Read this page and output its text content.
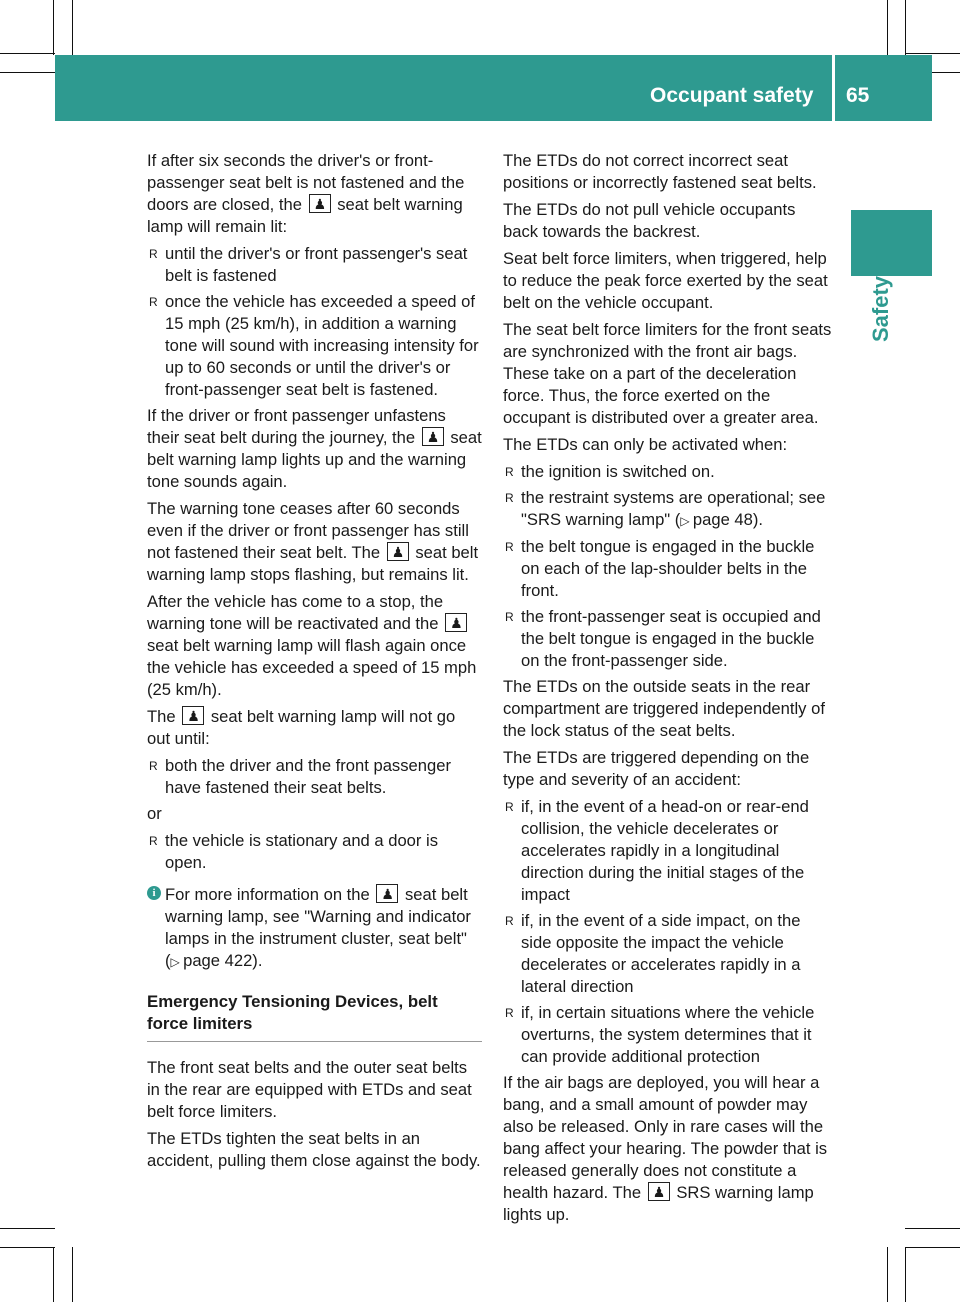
Occupant safety 65
Safety

If after six seconds the driver's or front-passenger seat belt is not fastened and the doors are closed, the ♟ seat belt warning lamp will remain lit:

R until the driver's or front passenger's seat belt is fastened
R once the vehicle has exceeded a speed of 15 mph (25 km/h), in addition a warning tone will sound with increasing intensity for up to 60 seconds or until the driver's or front-passenger seat belt is fastened.

If the driver or front passenger unfastens their seat belt during the journey, the ♟ seat belt warning lamp lights up and the warning tone sounds again.

The warning tone ceases after 60 seconds even if the driver or front passenger has still not fastened their seat belt. The ♟ seat belt warning lamp stops flashing, but remains lit.

After the vehicle has come to a stop, the warning tone will be reactivated and the ♟ seat belt warning lamp will flash again once the vehicle has exceeded a speed of 15 mph (25 km/h).

The ♟ seat belt warning lamp will not go out until:

R both the driver and the front passenger have fastened their seat belts.

or

R the vehicle is stationary and a door is open.
i For more information on the ♟ seat belt warning lamp, see "Warning and indicator lamps in the instrument cluster, seat belt" (▷ page 422).
Emergency Tensioning Devices, belt force limiters

The front seat belts and the outer seat belts in the rear are equipped with ETDs and seat belt force limiters.

The ETDs tighten the seat belts in an accident, pulling them close against the body.

The ETDs do not correct incorrect seat positions or incorrectly fastened seat belts.

The ETDs do not pull vehicle occupants back towards the backrest.

Seat belt force limiters, when triggered, help to reduce the peak force exerted by the seat belt on the vehicle occupant.

The seat belt force limiters for the front seats are synchronized with the front air bags. These take on a part of the deceleration force. Thus, the force exerted on the occupant is distributed over a greater area.

The ETDs can only be activated when:

R the ignition is switched on.
R the restraint systems are operational; see "SRS warning lamp" (▷ page 48).
R the belt tongue is engaged in the buckle on each of the lap-shoulder belts in the front.
R the front-passenger seat is occupied and the belt tongue is engaged in the buckle on the front-passenger side.

The ETDs on the outside seats in the rear compartment are triggered independently of the lock status of the seat belts.

The ETDs are triggered depending on the type and severity of an accident:

R if, in the event of a head-on or rear-end collision, the vehicle decelerates or accelerates rapidly in a longitudinal direction during the initial stages of the impact
R if, in the event of a side impact, on the side opposite the impact the vehicle decelerates or accelerates rapidly in a lateral direction
R if, in certain situations where the vehicle overturns, the system determines that it can provide additional protection

If the air bags are deployed, you will hear a bang, and a small amount of powder may also be released. Only in rare cases will the bang affect your hearing. The powder that is released generally does not constitute a health hazard. The ♟ SRS warning lamp lights up.
